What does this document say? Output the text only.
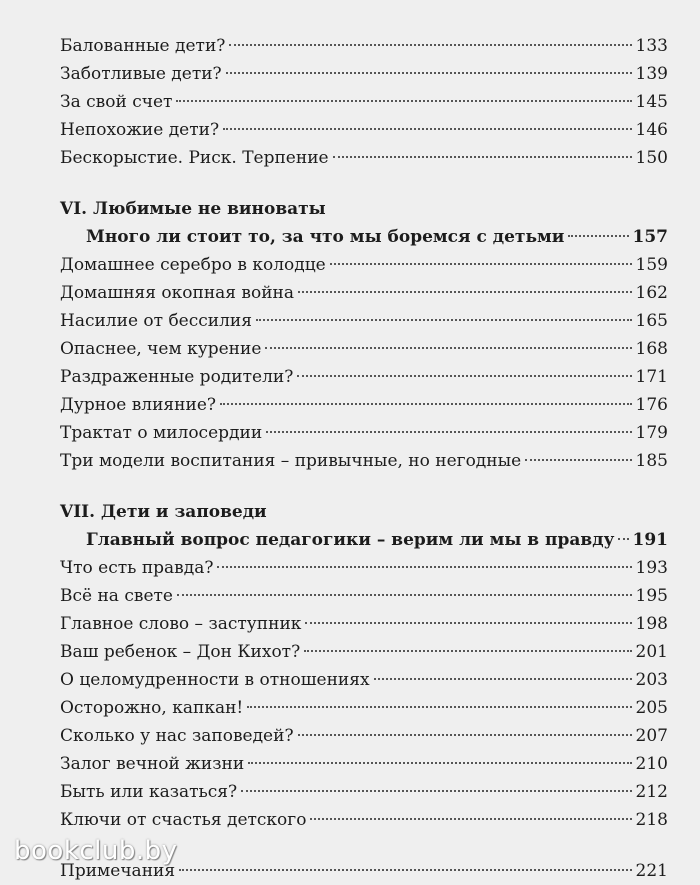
Балованные дети?	133
Заботливые дети?	139
За свой счет	145
Непохожие дети?	146
Бескорыстие. Риск. Терпение	150
VI. Любимые не виноваты
Много ли стоит то, за что мы боремся с детьми	157
Домашнее серебро в колодце	159
Домашняя окопная война	162
Насилие от бессилия	165
Опаснее, чем курение	168
Раздраженные родители?	171
Дурное влияние?	176
Трактат о милосердии	179
Три модели воспитания – привычные, но негодные	185
VII. Дети и заповеди
Главный вопрос педагогики – верим ли мы в правду 191
Что есть правда?	193
Всё на свете	195
Главное слово – заступник	198
Ваш ребенок – Дон Кихот?	201
О целомудренности в отношениях	203
Осторожно, капкан!	205
Сколько у нас заповедей?	207
Залог вечной жизни	210
Быть или казаться?	212
Ключи от счастья детского	218
Примечания	221
bookclub.by
